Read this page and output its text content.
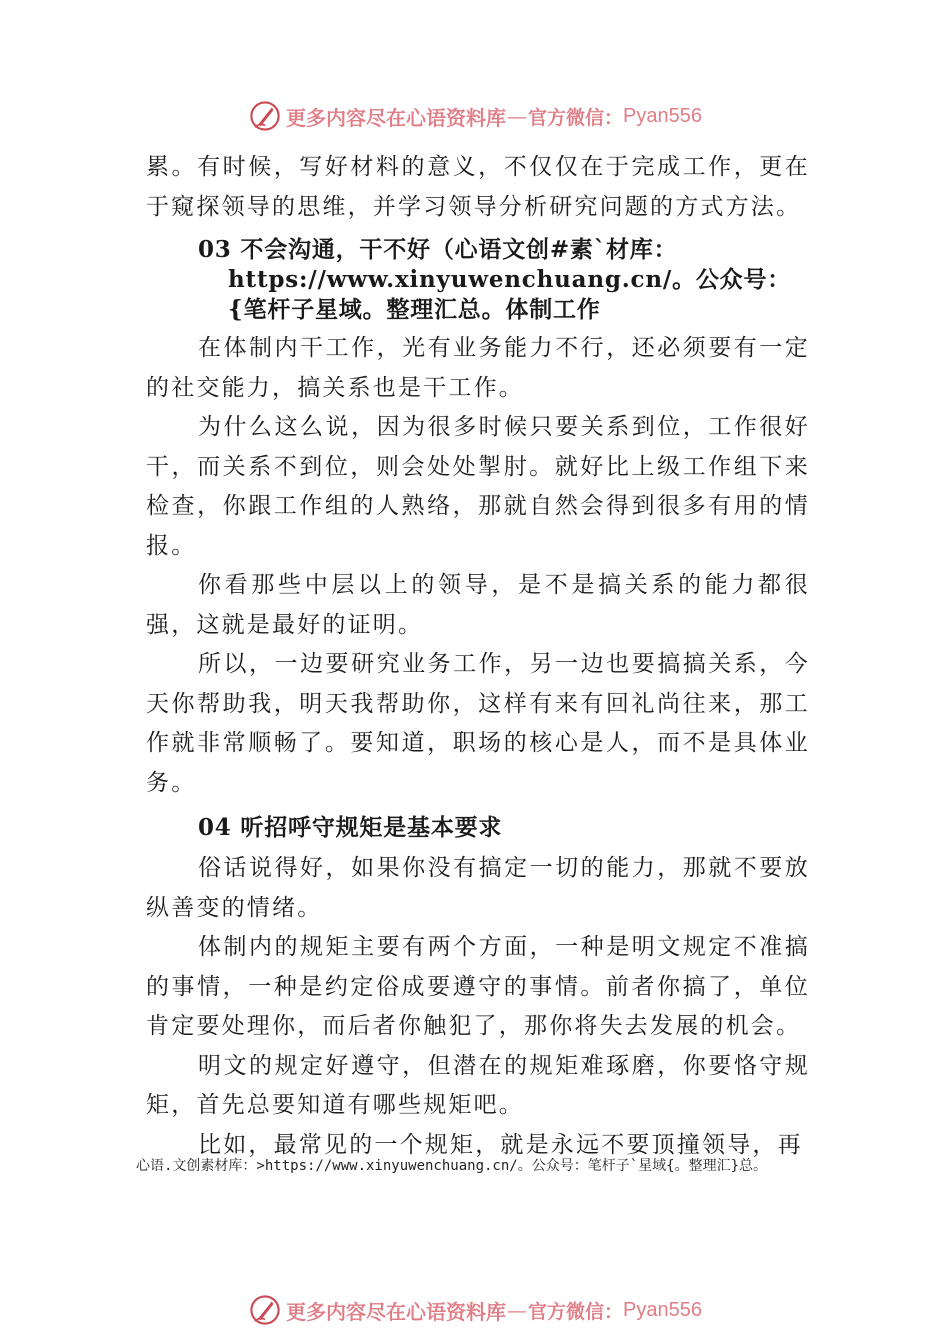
更多内容尽在心语资料库 — 官方微信： Pyan556

累。有时候，写好材料的意义，不仅仅在于完成工作，更在于窥探领导的思维，并学习领导分析研究问题的方式方法。

03 不会沟通，干不好（心语文创#素`材库：https://www.xinyuwenchuang.cn/。公众号：{笔杆子星域。整理汇总。体制工作

在体制内干工作，光有业务能力不行，还必须要有一定的社交能力，搞关系也是干工作。

为什么这么说，因为很多时候只要关系到位，工作很好干，而关系不到位，则会处处掣肘。就好比上级工作组下来检查，你跟工作组的人熟络，那就自然会得到很多有用的情报。

你看那些中层以上的领导，是不是搞关系的能力都很强，这就是最好的证明。

所以，一边要研究业务工作，另一边也要搞搞关系，今天你帮助我，明天我帮助你，这样有来有回礼尚往来，那工作就非常顺畅了。要知道，职场的核心是人，而不是具体业务。

04 听招呼守规矩是基本要求

俗话说得好，如果你没有搞定一切的能力，那就不要放纵善变的情绪。

体制内的规矩主要有两个方面，一种是明文规定不准搞的事情，一种是约定俗成要遵守的事情。前者你搞了，单位肯定要处理你，而后者你触犯了，那你将失去发展的机会。

明文的规定好遵守，但潜在的规矩难琢磨，你要恪守规矩，首先总要知道有哪些规矩吧。

比如，最常见的一个规矩，就是永远不要顶撞领导，再

心语.文创素材库：>https://www.xinyuwenchuang.cn/。公众号：笔杆子`星域{。整理汇}总。
更多内容尽在心语资料库 — 官方微信： Pyan556
